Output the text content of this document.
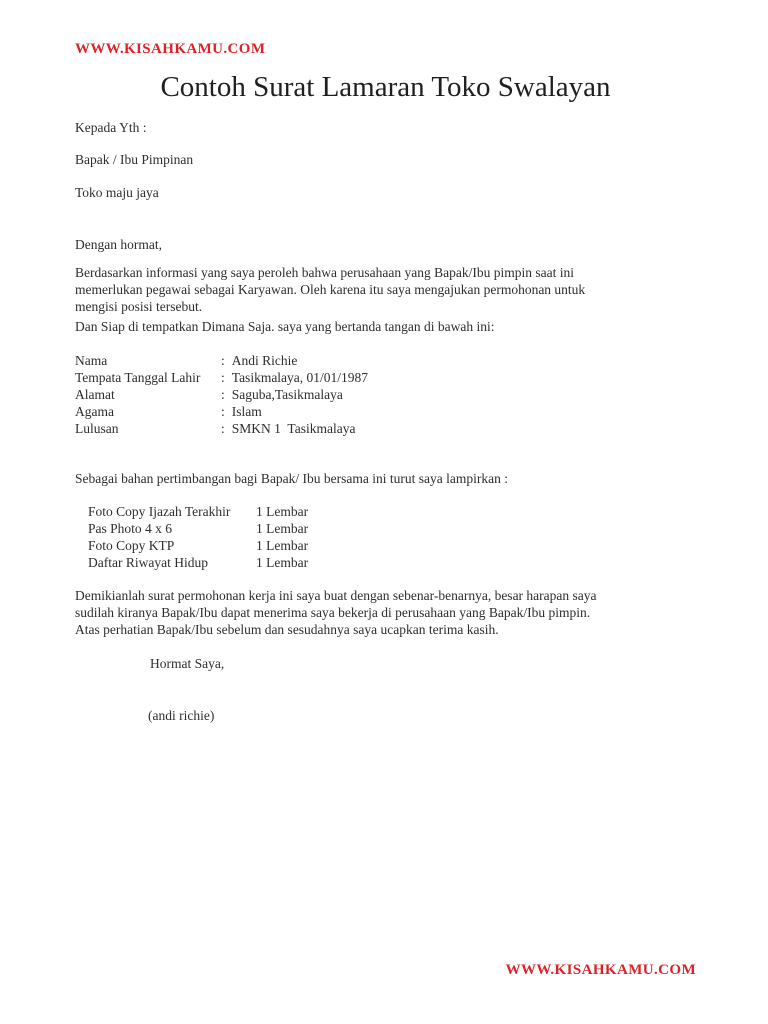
WWW.KISAHKAMU.COM
Contoh Surat Lamaran Toko Swalayan
Kepada Yth :
Bapak / Ibu Pimpinan
Toko maju jaya
Dengan hormat,
Berdasarkan informasi yang saya peroleh bahwa perusahaan yang Bapak/Ibu pimpin saat ini
memerlukan pegawai sebagai Karyawan. Oleh karena itu saya mengajukan permohonan untuk
mengisi posisi tersebut.
Dan Siap di tempatkan Dimana Saja. saya yang bertanda tangan di bawah ini:
Nama	: Andi Richie
Tempata Tanggal Lahir	: Tasikmalaya, 01/01/1987
Alamat	: Saguba,Tasikmalaya
Agama	: Islam
Lulusan	: SMKN 1  Tasikmalaya
Sebagai bahan pertimbangan bagi Bapak/ Ibu bersama ini turut saya lampirkan :
Foto Copy Ijazah Terakhir	1 Lembar
Pas Photo 4 x 6	1 Lembar
Foto Copy KTP	1 Lembar
Daftar Riwayat Hidup	1 Lembar
Demikianlah surat permohonan kerja ini saya buat dengan sebenar-benarnya, besar harapan saya
sudilah kiranya Bapak/Ibu dapat menerima saya bekerja di perusahaan yang Bapak/Ibu pimpin.
Atas perhatian Bapak/Ibu sebelum dan sesudahnya saya ucapkan terima kasih.
Hormat Saya,
(andi richie)
WWW.KISAHKAMU.COM
